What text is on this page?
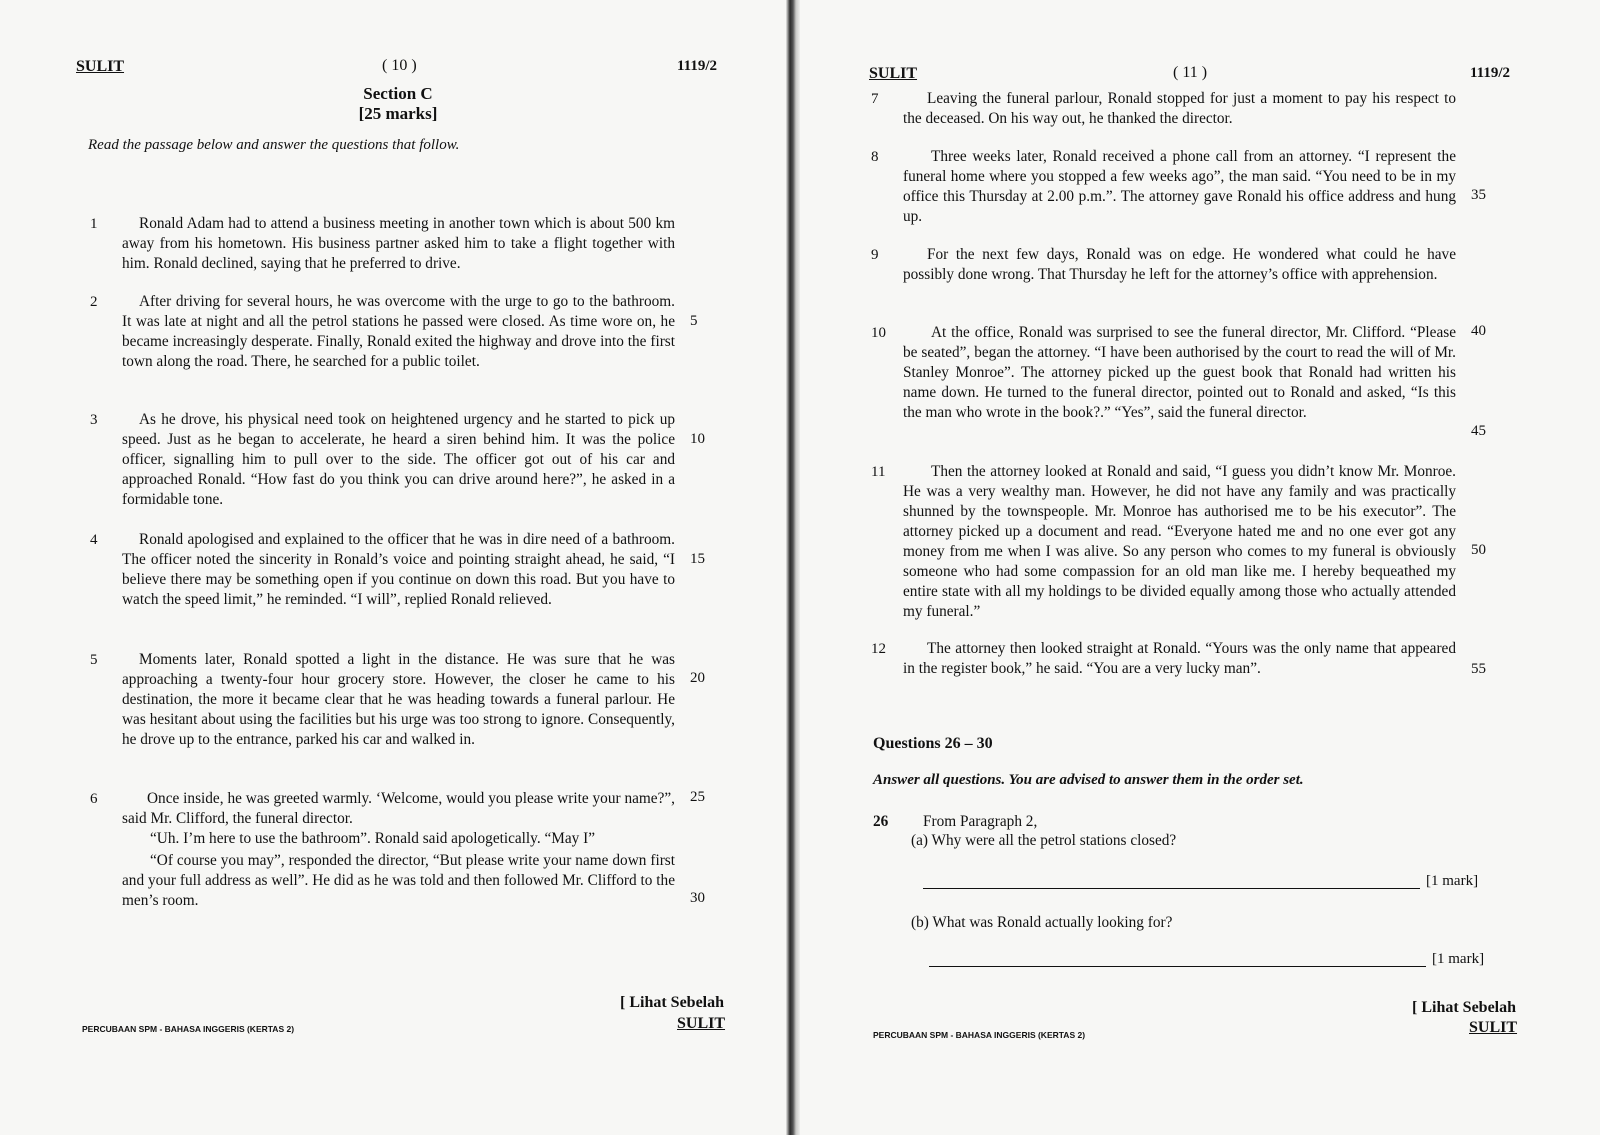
SULIT	( 10 )	1119/2
Section C
[25 marks]
Read the passage below and answer the questions that follow.
1	Ronald Adam had to attend a business meeting in another town which is about 500 km away from his hometown. His business partner asked him to take a flight together with him. Ronald declined, saying that he preferred to drive.
2	After driving for several hours, he was overcome with the urge to go to the bathroom. It was late at night and all the petrol stations he passed were closed. As time wore on, he became increasingly desperate. Finally, Ronald exited the highway and drove into the first town along the road. There, he searched for a public toilet.
3	As he drove, his physical need took on heightened urgency and he started to pick up speed. Just as he began to accelerate, he heard a siren behind him. It was the police officer, signalling him to pull over to the side. The officer got out of his car and approached Ronald. “How fast do you think you can drive around here?”, he asked in a formidable tone.
4	Ronald apologised and explained to the officer that he was in dire need of a bathroom. The officer noted the sincerity in Ronald’s voice and pointing straight ahead, he said, “I believe there may be something open if you continue on down this road. But you have to watch the speed limit,” he reminded. “I will”, replied Ronald relieved.
5	Moments later, Ronald spotted a light in the distance. He was sure that he was approaching a twenty-four hour grocery store. However, the closer he came to his destination, the more it became clear that he was heading towards a funeral parlour. He was hesitant about using the facilities but his urge was too strong to ignore. Consequently, he drove up to the entrance, parked his car and walked in.
6	Once inside, he was greeted warmly. ‘Welcome, would you please write your name?”, said Mr. Clifford, the funeral director.
“Uh. I’m here to use the bathroom”. Ronald said apologetically. “May I”
“Of course you may”, responded the director, “But please write your name down first and your full address as well”. He did as he was told and then followed Mr. Clifford to the men’s room.
5
10
15
20
25
30
[ Lihat Sebelah
SULIT
PERCUBAAN SPM - BAHASA INGGERIS (KERTAS 2)
SULIT	( 11 )	1119/2
7	Leaving the funeral parlour, Ronald stopped for just a moment to pay his respect to the deceased. On his way out, he thanked the director.
8	Three weeks later, Ronald received a phone call from an attorney. “I represent the funeral home where you stopped a few weeks ago”, the man said. “You need to be in my office this Thursday at 2.00 p.m.”. The attorney gave Ronald his office address and hung up.
9	For the next few days, Ronald was on edge. He wondered what could he have possibly done wrong. That Thursday he left for the attorney’s office with apprehension.
10	At the office, Ronald was surprised to see the funeral director, Mr. Clifford. “Please be seated”, began the attorney. “I have been authorised by the court to read the will of Mr. Stanley Monroe”. The attorney picked up the guest book that Ronald had written his name down. He turned to the funeral director, pointed out to Ronald and asked, “Is this the man who wrote in the book?.” “Yes”, said the funeral director.
11	Then the attorney looked at Ronald and said, “I guess you didn’t know Mr. Monroe. He was a very wealthy man. However, he did not have any family and was practically shunned by the townspeople. Mr. Monroe has authorised me to be his executor”. The attorney picked up a document and read. “Everyone hated me and no one ever got any money from me when I was alive. So any person who comes to my funeral is obviously someone who had some compassion for an old man like me. I hereby bequeathed my entire state with all my holdings to be divided equally among those who actually attended my funeral.”
12	The attorney then looked straight at Ronald. “Yours was the only name that appeared in the register book,” he said. “You are a very lucky man”.
35
40
45
50
55
Questions 26 – 30
Answer all questions. You are advised to answer them in the order set.
26 From Paragraph 2,
(a) Why were all the petrol stations closed?
[1 mark]
(b) What was Ronald actually looking for?
[1 mark]
[ Lihat Sebelah
SULIT
PERCUBAAN SPM - BAHASA INGGERIS (KERTAS 2)
